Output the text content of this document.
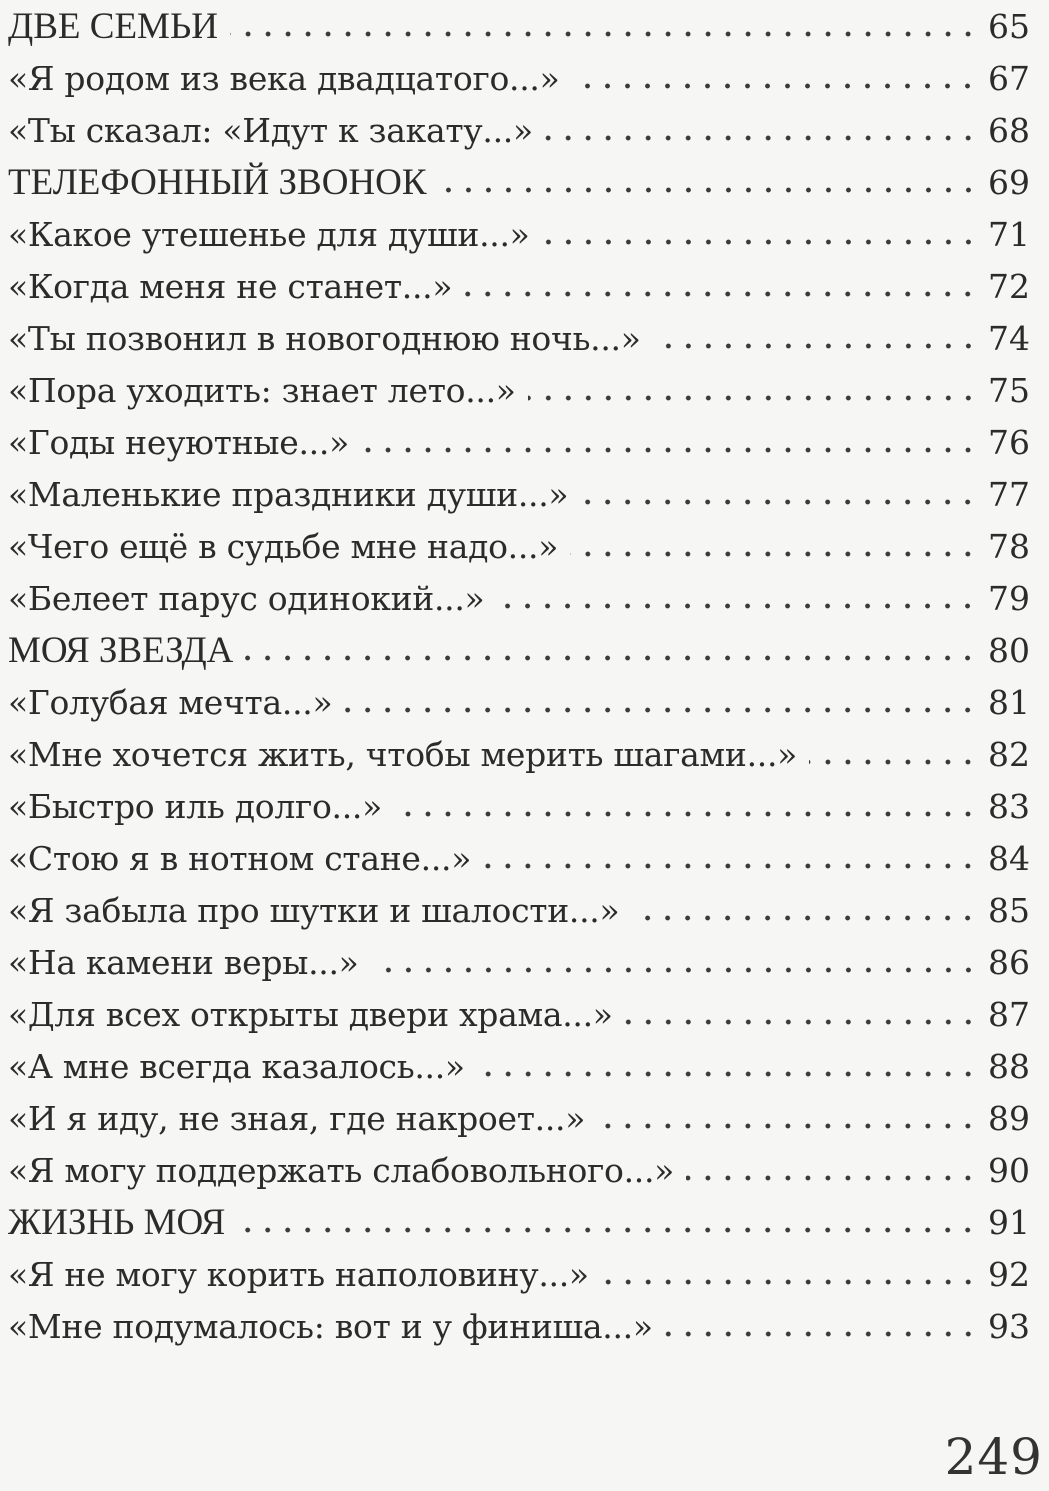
ДВЕ СЕМЬИ	65
«Я родом из века двадцатого...»	67
«Ты сказал: «Идут к закату...»	68
ТЕЛЕФОННЫЙ ЗВОНОК	69
«Какое утешенье для души...»	71
«Когда меня не станет...»	72
«Ты позвонил в новогоднюю ночь...»	74
«Пора уходить: знает лето...»	75
«Годы неуютные...»	76
«Маленькие праздники души...»	77
«Чего ещё в судьбе мне надо...»	78
«Белеет парус одинокий...»	79
МОЯ ЗВЕЗДА	80
«Голубая мечта...»	81
«Мне хочется жить, чтобы мерить шагами...»	82
«Быстро иль долго...»	83
«Стою я в нотном стане...»	84
«Я забыла про шутки и шалости...»	85
«На камени веры...»	86
«Для всех открыты двери храма...»	87
«А мне всегда казалось...»	88
«И я иду, не зная, где накроет...»	89
«Я могу поддержать слабовольного...»	90
ЖИЗНЬ МОЯ	91
«Я не могу корить наполовину...»	92
«Мне подумалось: вот и у финиша...»	93
249
